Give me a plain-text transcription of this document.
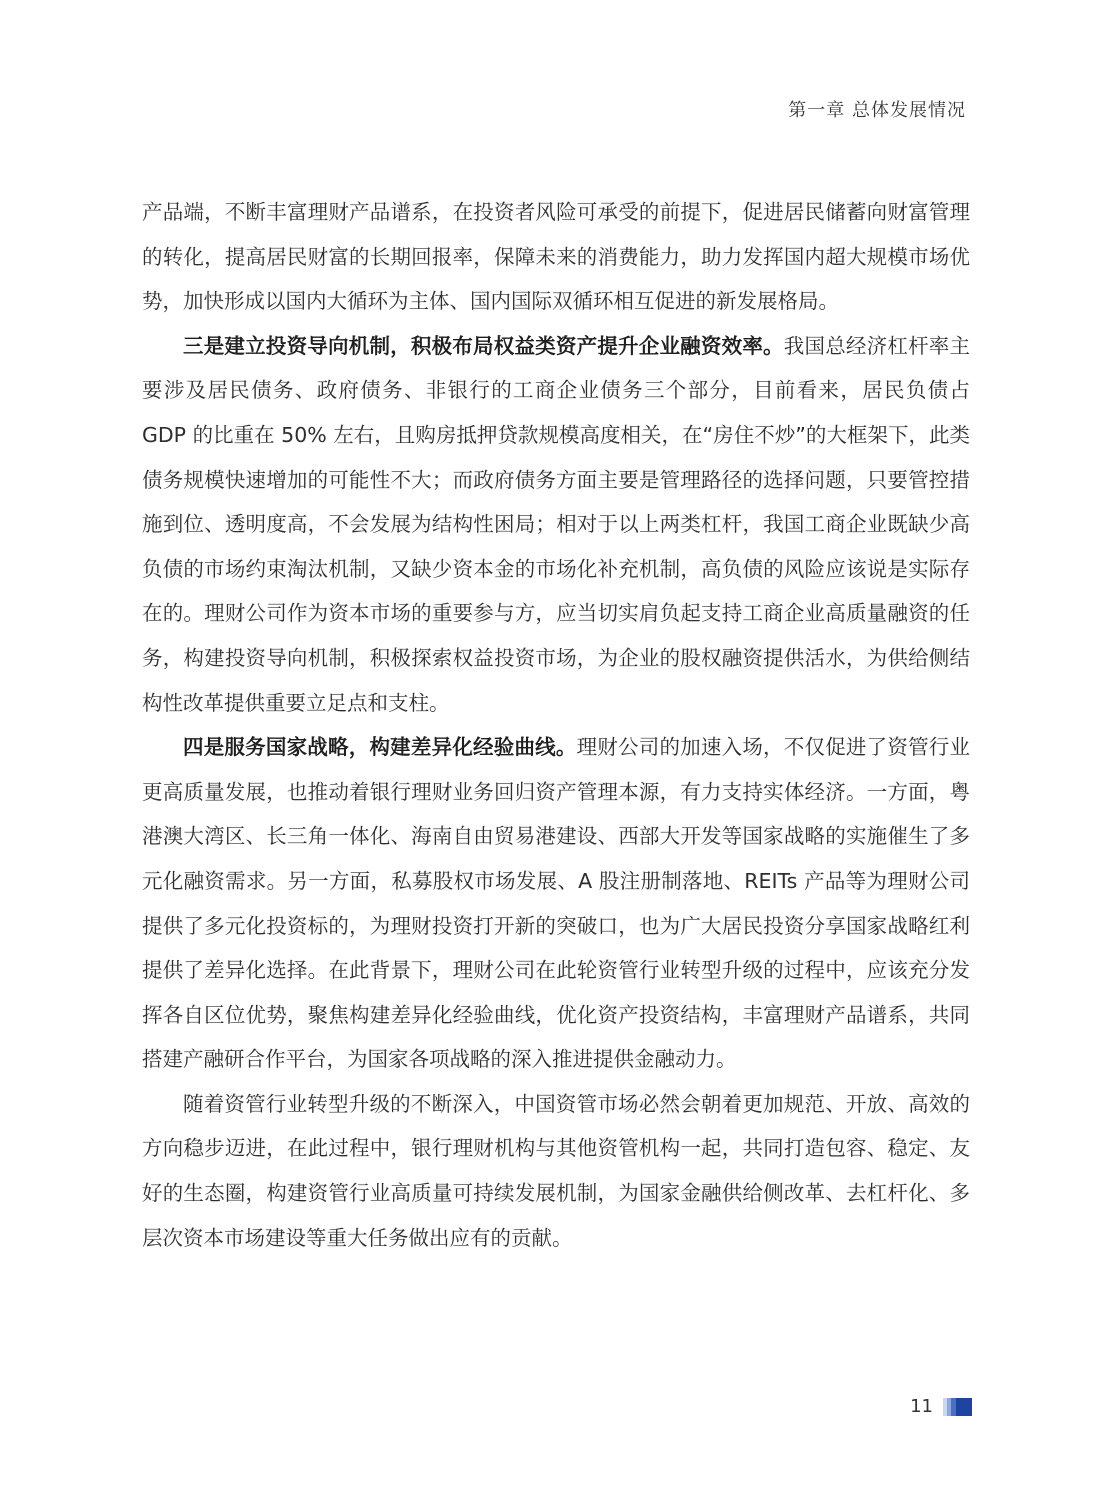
第一章 总体发展情况

产品端，不断丰富理财产品谱系，在投资者风险可承受的前提下，促进居民储蓄向财富管理的转化，提高居民财富的长期回报率，保障未来的消费能力，助力发挥国内超大规模市场优势，加快形成以国内大循环为主体、国内国际双循环相互促进的新发展格局。

三是建立投资导向机制，积极布局权益类资产提升企业融资效率。我国总经济杠杆率主要涉及居民债务、政府债务、非银行的工商企业债务三个部分，目前看来，居民负债占 GDP 的比重在 50% 左右，且购房抵押贷款规模高度相关，在“房住不炒”的大框架下，此类债务规模快速增加的可能性不大；而政府债务方面主要是管理路径的选择问题，只要管控措施到位、透明度高，不会发展为结构性困局；相对于以上两类杠杆，我国工商企业既缺少高负债的市场约束淘汰机制，又缺少资本金的市场化补充机制，高负债的风险应该说是实际存在的。理财公司作为资本市场的重要参与方，应当切实肩负起支持工商企业高质量融资的任务，构建投资导向机制，积极探索权益投资市场，为企业的股权融资提供活水，为供给侧结构性改革提供重要立足点和支柱。

四是服务国家战略，构建差异化经验曲线。理财公司的加速入场，不仅促进了资管行业更高质量发展，也推动着银行理财业务回归资产管理本源，有力支持实体经济。一方面，粤港澳大湾区、长三角一体化、海南自由贸易港建设、西部大开发等国家战略的实施催生了多元化融资需求。另一方面，私募股权市场发展、A 股注册制落地、REITs 产品等为理财公司提供了多元化投资标的，为理财投资打开新的突破口，也为广大居民投资分享国家战略红利提供了差异化选择。在此背景下，理财公司在此轮资管行业转型升级的过程中，应该充分发挥各自区位优势，聚焦构建差异化经验曲线，优化资产投资结构，丰富理财产品谱系，共同搭建产融研合作平台，为国家各项战略的深入推进提供金融动力。

随着资管行业转型升级的不断深入，中国资管市场必然会朝着更加规范、开放、高效的方向稳步迈进，在此过程中，银行理财机构与其他资管机构一起，共同打造包容、稳定、友好的生态圈，构建资管行业高质量可持续发展机制，为国家金融供给侧改革、去杠杆化、多层次资本市场建设等重大任务做出应有的贡献。

11
